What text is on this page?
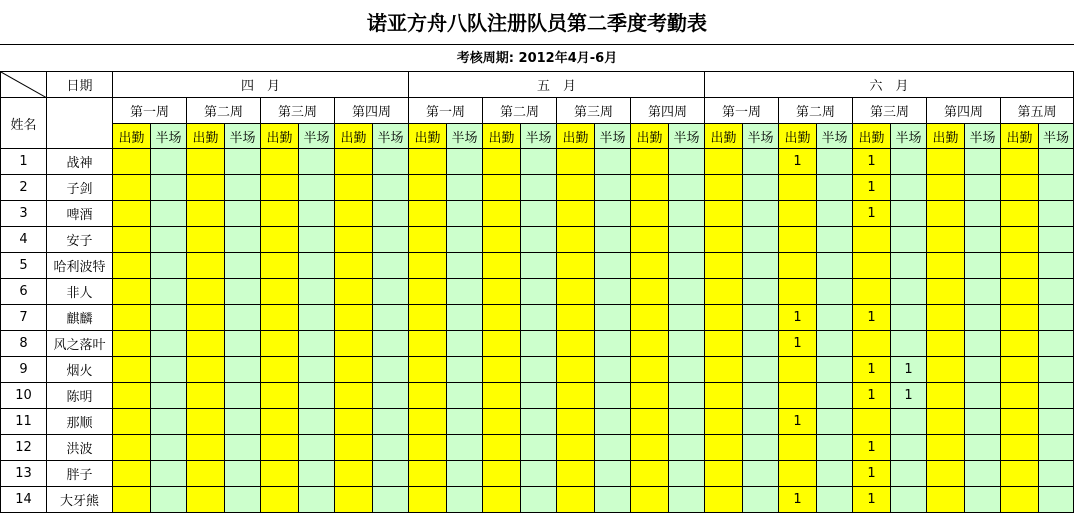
诺亚方舟八队注册队员第二季度考勤表
考核周期: 2012年4月-6月
	日期	四　月								五　月								六　月									
姓名		第一周		第二周		第三周		第四周		第一周		第二周		第三周		第四周		第一周		第二周		第三周		第四周		第五周	
		出勤	半场	出勤	半场	出勤	半场	出勤	半场	出勤	半场	出勤	半场	出勤	半场	出勤	半场	出勤	半场	出勤	半场	出勤	半场	出勤	半场	出勤	半场
1	战神																			1		1					
2	子剑																					1					
3	啤酒																					1					
4	安子																										
5	哈利波特																										
6	非人																										
7	麒麟																			1		1					
8	风之落叶																			1							
9	烟火																					1	1				
10	陈明																					1	1				
11	那顺																			1							
12	洪波																					1					
13	胖子																					1					
14	大牙熊																			1		1					
